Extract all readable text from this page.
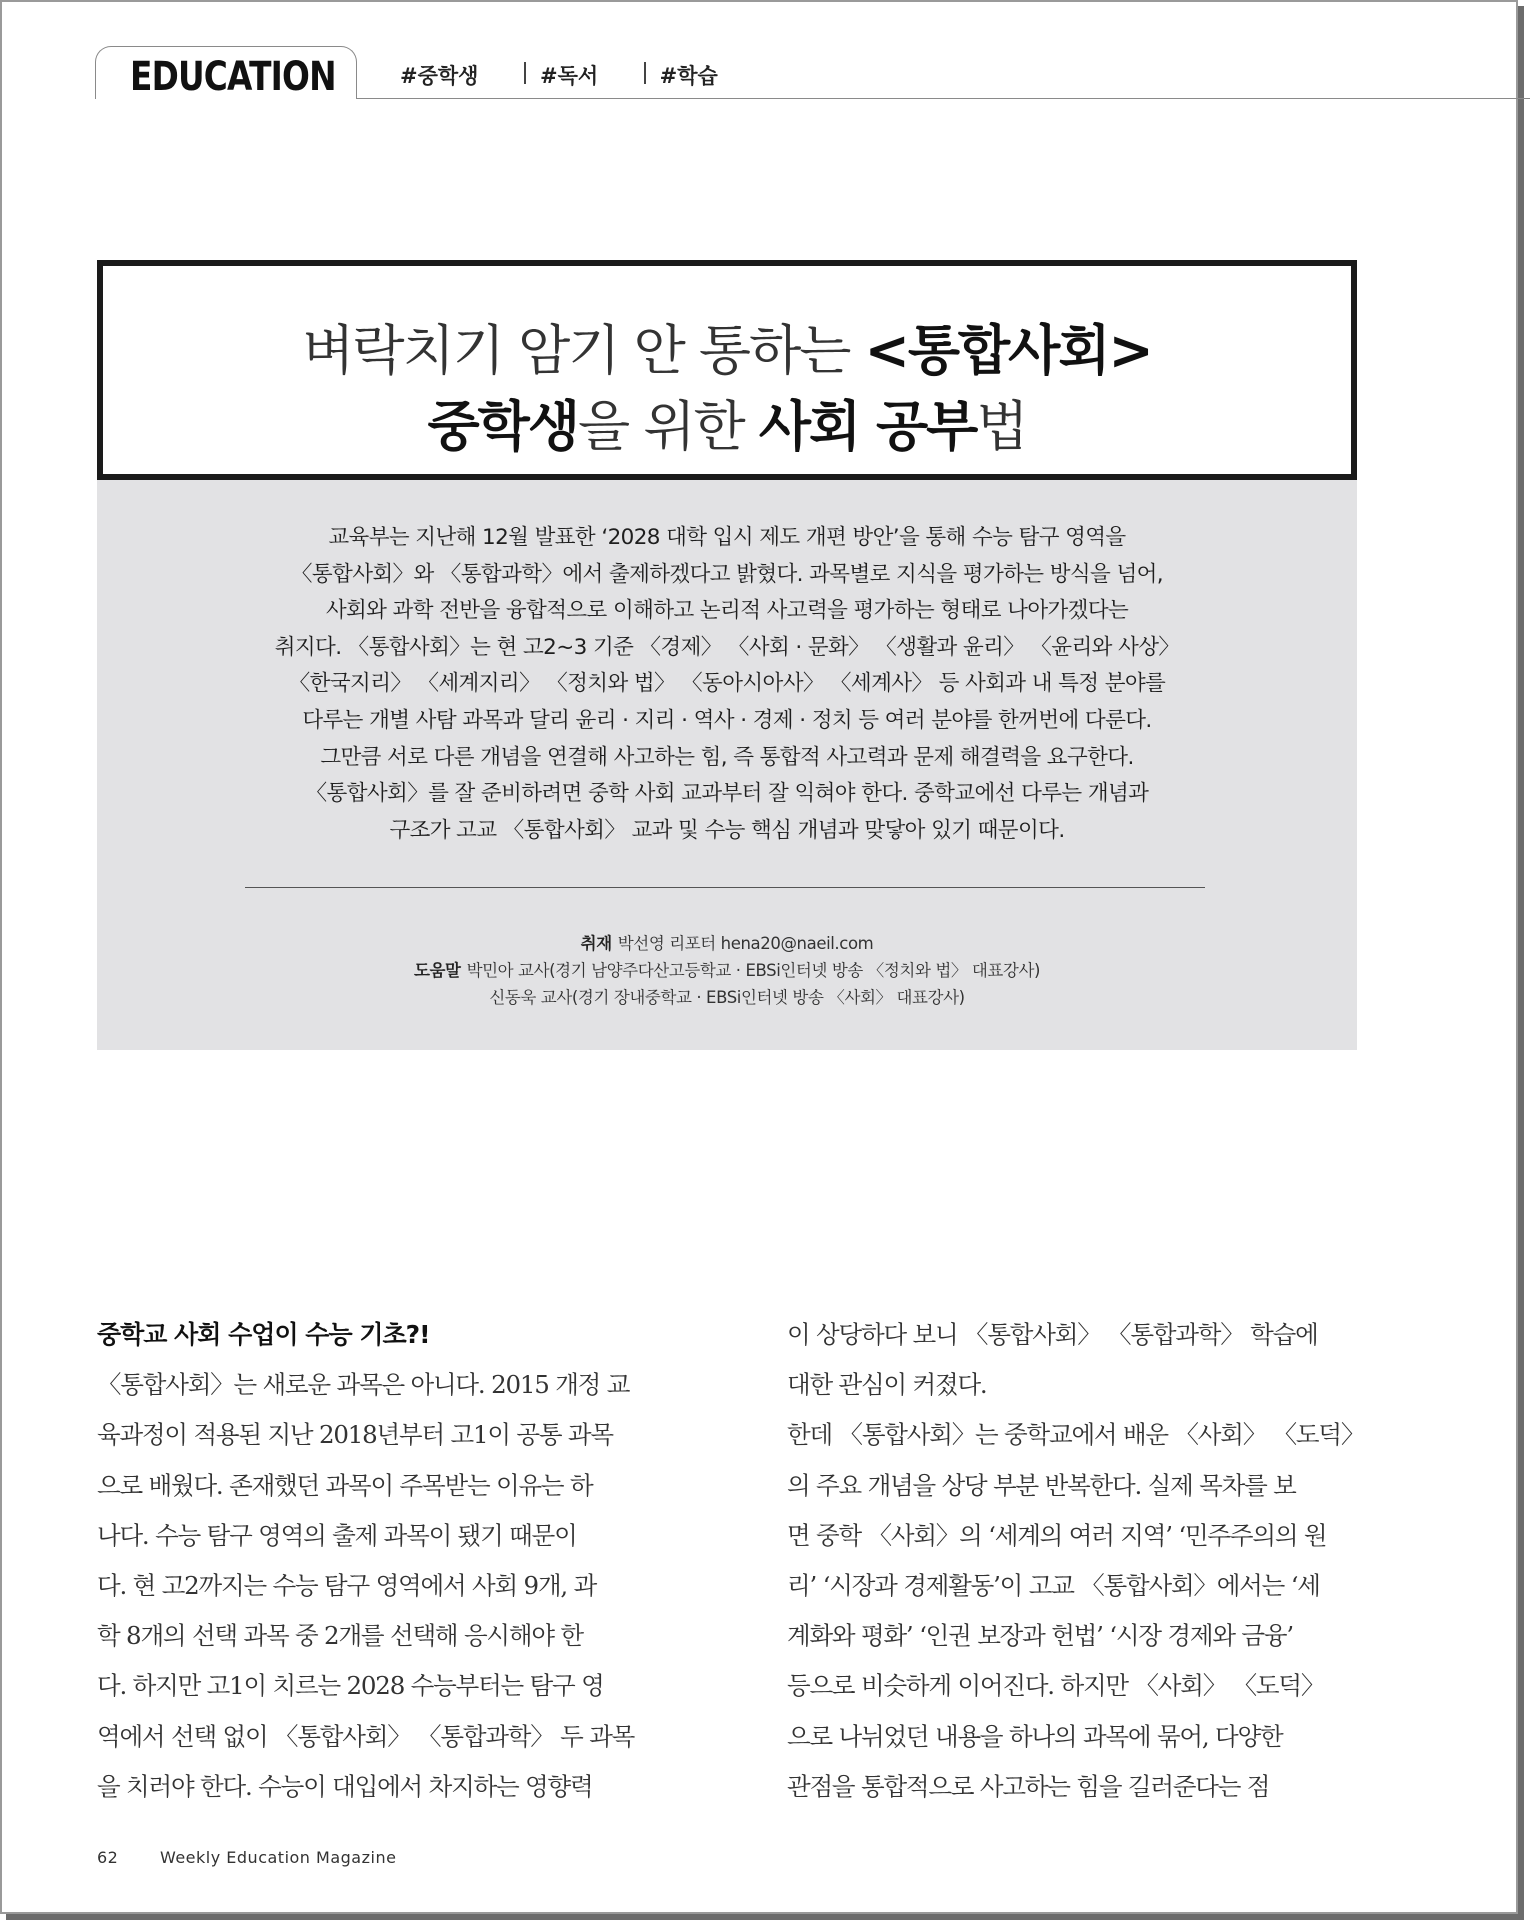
EDUCATION	#중학생	#독서	#학습
벼락치기 암기 안 통하는 <통합사회>
중학생을 위한 사회 공부법
교육부는 지난해 12월 발표한 ‘2028 대학 입시 제도 개편 방안’을 통해 수능 탐구 영역을
〈통합사회〉와 〈통합과학〉에서 출제하겠다고 밝혔다. 과목별로 지식을 평가하는 방식을 넘어,
사회와 과학 전반을 융합적으로 이해하고 논리적 사고력을 평가하는 형태로 나아가겠다는
취지다. 〈통합사회〉는 현 고2~3 기준 〈경제〉 〈사회 · 문화〉 〈생활과 윤리〉 〈윤리와 사상〉
〈한국지리〉 〈세계지리〉 〈정치와 법〉 〈동아시아사〉 〈세계사〉 등 사회과 내 특정 분야를
다루는 개별 사탐 과목과 달리 윤리 · 지리 · 역사 · 경제 · 정치 등 여러 분야를 한꺼번에 다룬다.
그만큼 서로 다른 개념을 연결해 사고하는 힘, 즉 통합적 사고력과 문제 해결력을 요구한다.
〈통합사회〉를 잘 준비하려면 중학 사회 교과부터 잘 익혀야 한다. 중학교에선 다루는 개념과
구조가 고교 〈통합사회〉 교과 및 수능 핵심 개념과 맞닿아 있기 때문이다.
취재 박선영 리포터 hena20@naeil.com
도움말 박민아 교사(경기 남양주다산고등학교 · EBSi인터넷 방송 〈정치와 법〉 대표강사)
신동욱 교사(경기 장내중학교 · EBSi인터넷 방송 〈사회〉 대표강사)
중학교 사회 수업이 수능 기초?!
〈통합사회〉는 새로운 과목은 아니다. 2015 개정 교
육과정이 적용된 지난 2018년부터 고1이 공통 과목
으로 배웠다. 존재했던 과목이 주목받는 이유는 하
나다. 수능 탐구 영역의 출제 과목이 됐기 때문이
다. 현 고2까지는 수능 탐구 영역에서 사회 9개, 과
학 8개의 선택 과목 중 2개를 선택해 응시해야 한
다. 하지만 고1이 치르는 2028 수능부터는 탐구 영
역에서 선택 없이 〈통합사회〉 〈통합과학〉 두 과목
을 치러야 한다. 수능이 대입에서 차지하는 영향력
이 상당하다 보니 〈통합사회〉 〈통합과학〉 학습에
대한 관심이 커졌다.
한데 〈통합사회〉는 중학교에서 배운 〈사회〉 〈도덕〉
의 주요 개념을 상당 부분 반복한다. 실제 목차를 보
면 중학 〈사회〉의 ‘세계의 여러 지역’ ‘민주주의의 원
리’ ‘시장과 경제활동’이 고교 〈통합사회〉에서는 ‘세
계화와 평화’ ‘인권 보장과 헌법’ ‘시장 경제와 금융’
등으로 비슷하게 이어진다. 하지만 〈사회〉 〈도덕〉
으로 나뉘었던 내용을 하나의 과목에 묶어, 다양한
관점을 통합적으로 사고하는 힘을 길러준다는 점
62	Weekly Education Magazine
